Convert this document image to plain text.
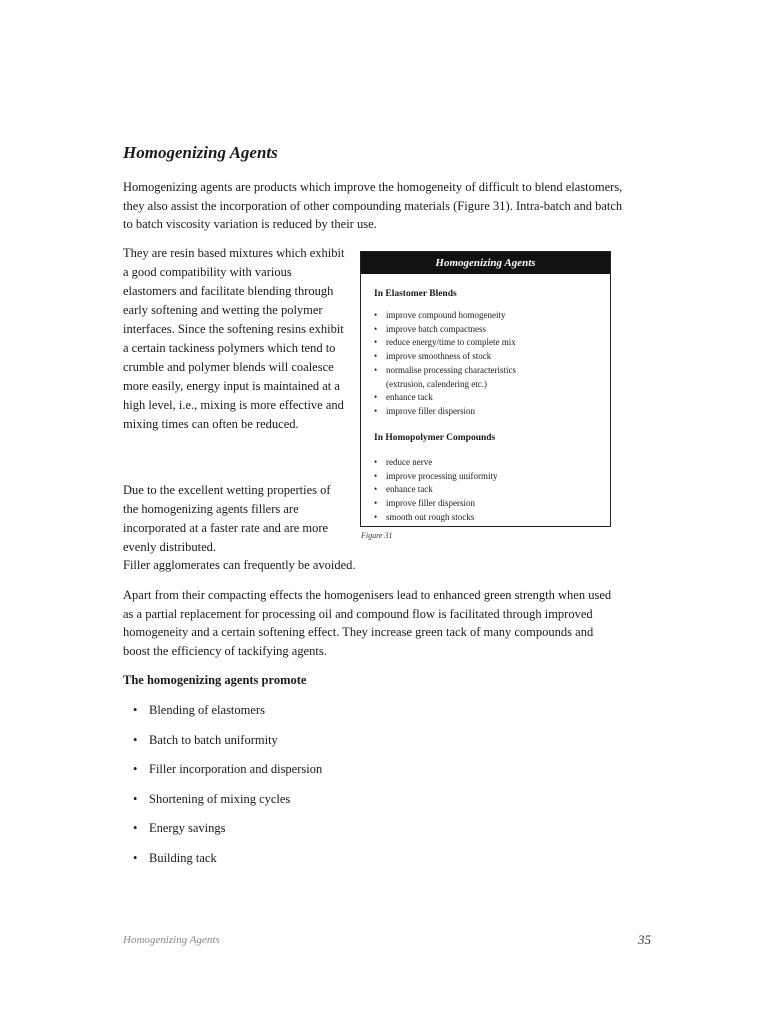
Homogenizing Agents

Homogenizing agents are products which improve the homogeneity of difficult to blend elastomers, they also assist the incorporation of other compounding materials (Figure 31). Intra-batch and batch to batch viscosity variation is reduced by their use.

They are resin based mixtures which exhibit a good compatibility with various elastomers and facilitate blending through early softening and wetting the polymer interfaces. Since the softening resins exhibit a certain tackiness polymers which tend to crumble and polymer blends will coalesce more easily, energy input is maintained at a high level, i.e., mixing is more effective and mixing times can often be reduced.

Due to the excellent wetting properties of the homogenizing agents fillers are incorporated at a faster rate and are more evenly distributed.

Filler agglomerates can frequently be avoided.

Homogenizing Agents

In Elastomer Blends

• improve compound homogeneity
• improve batch compactness
• reduce energy/time to complete mix
• improve smoothness of stock
• normalise processing characteristics
(extrusion, calendering etc.)
• enhance tack
• improve filler dispersion

In Homopolymer Compounds

• reduce nerve
• improve processing uniformity
• enhance tack
• improve filler dispersion
• smooth out rough stocks

Figure 31

Apart from their compacting effects the homogenisers lead to enhanced green strength when used as a partial replacement for processing oil and compound flow is facilitated through improved homogeneity and a certain softening effect. They increase green tack of many compounds and boost the efficiency of tackifying agents.

The homogenizing agents promote

• Blending of elastomers
• Batch to batch uniformity
• Filler incorporation and dispersion
• Shortening of mixing cycles
• Energy savings
• Building tack

Homogenizing Agents	35
